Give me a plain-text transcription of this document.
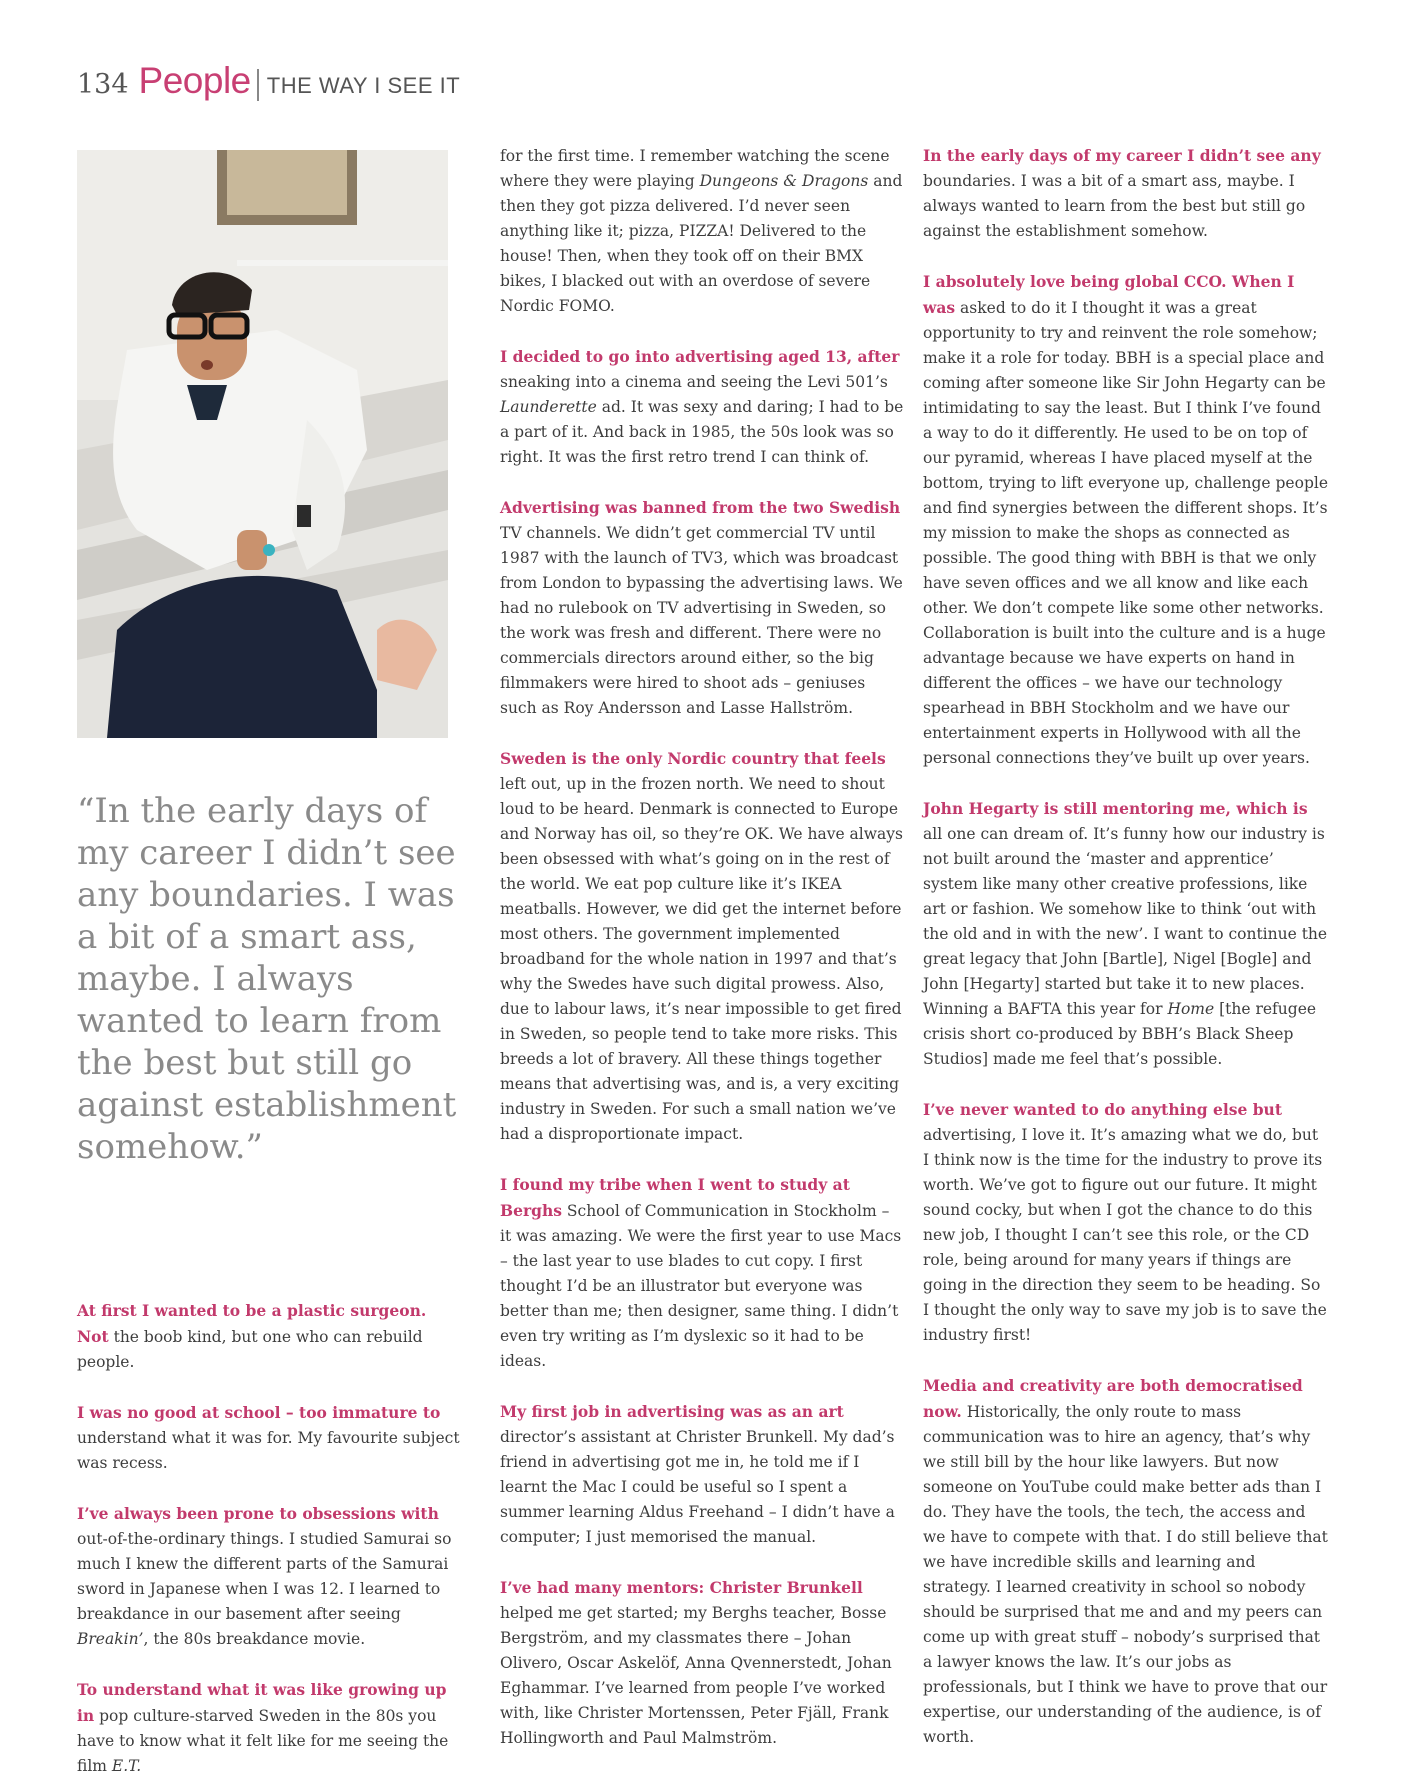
134 People THE WAY I SEE IT
“In the early days of my career I didn’t see any boundaries. I was a bit of a smart ass, maybe. I always wanted to learn from the best but still go against establishment somehow.”

At first I wanted to be a plastic surgeon. Not the boob kind, but one who can rebuild people.

I was no good at school – too immature to understand what it was for. My favourite subject was recess.

I’ve always been prone to obsessions with out-of-the-ordinary things. I studied Samurai so much I knew the different parts of the Samurai sword in Japanese when I was 12. I learned to breakdance in our basement after seeing Breakin’, the 80s breakdance movie.

To understand what it was like growing up in pop culture-starved Sweden in the 80s you have to know what it felt like for me seeing the film E.T.

for the first time. I remember watching the scene where they were playing Dungeons & Dragons and then they got pizza delivered. I’d never seen anything like it; pizza, PIZZA! Delivered to the house! Then, when they took off on their BMX bikes, I blacked out with an overdose of severe Nordic FOMO.

I decided to go into advertising aged 13, after sneaking into a cinema and seeing the Levi 501’s Launderette ad. It was sexy and daring; I had to be a part of it. And back in 1985, the 50s look was so right. It was the first retro trend I can think of.

Advertising was banned from the two Swedish TV channels. We didn’t get commercial TV until 1987 with the launch of TV3, which was broadcast from London to bypassing the advertising laws. We had no rulebook on TV advertising in Sweden, so the work was fresh and different. There were no commercials directors around either, so the big filmmakers were hired to shoot ads – geniuses such as Roy Andersson and Lasse Hallström.

Sweden is the only Nordic country that feels left out, up in the frozen north. We need to shout loud to be heard. Denmark is connected to Europe and Norway has oil, so they’re OK. We have always been obsessed with what’s going on in the rest of the world. We eat pop culture like it’s IKEA meatballs. However, we did get the internet before most others. The government implemented broadband for the whole nation in 1997 and that’s why the Swedes have such digital prowess. Also, due to labour laws, it’s near impossible to get fired in Sweden, so people tend to take more risks. This breeds a lot of bravery. All these things together means that advertising was, and is, a very exciting industry in Sweden. For such a small nation we’ve had a disproportionate impact.

I found my tribe when I went to study at Berghs School of Communication in Stockholm – it was amazing. We were the first year to use Macs – the last year to use blades to cut copy. I first thought I’d be an illustrator but everyone was better than me; then designer, same thing. I didn’t even try writing as I’m dyslexic so it had to be ideas.

My first job in advertising was as an art director’s assistant at Christer Brunkell. My dad’s friend in advertising got me in, he told me if I learnt the Mac I could be useful so I spent a summer learning Aldus Freehand – I didn’t have a computer; I just memorised the manual.

I’ve had many mentors: Christer Brunkell helped me get started; my Berghs teacher, Bosse Bergström, and my classmates there – Johan Olivero, Oscar Askelöf, Anna Qvennerstedt, Johan Eghammar. I’ve learned from people I’ve worked with, like Christer Mortenssen, Peter Fjäll, Frank Hollingworth and Paul Malmström.

In the early days of my career I didn’t see any boundaries. I was a bit of a smart ass, maybe. I always wanted to learn from the best but still go against the establishment somehow.

I absolutely love being global CCO. When I was asked to do it I thought it was a great opportunity to try and reinvent the role somehow; make it a role for today. BBH is a special place and coming after someone like Sir John Hegarty can be intimidating to say the least. But I think I’ve found a way to do it differently. He used to be on top of our pyramid, whereas I have placed myself at the bottom, trying to lift everyone up, challenge people and find synergies between the different shops. It’s my mission to make the shops as connected as possible. The good thing with BBH is that we only have seven offices and we all know and like each other. We don’t compete like some other networks. Collaboration is built into the culture and is a huge advantage because we have experts on hand in different the offices – we have our technology spearhead in BBH Stockholm and we have our entertainment experts in Hollywood with all the personal connections they’ve built up over years.

John Hegarty is still mentoring me, which is all one can dream of. It’s funny how our industry is not built around the ‘master and apprentice’ system like many other creative professions, like art or fashion. We somehow like to think ‘out with the old and in with the new’. I want to continue the great legacy that John [Bartle], Nigel [Bogle] and John [Hegarty] started but take it to new places. Winning a BAFTA this year for Home [the refugee crisis short co-produced by BBH’s Black Sheep Studios] made me feel that’s possible.

I’ve never wanted to do anything else but advertising, I love it. It’s amazing what we do, but I think now is the time for the industry to prove its worth. We’ve got to figure out our future. It might sound cocky, but when I got the chance to do this new job, I thought I can’t see this role, or the CD role, being around for many years if things are going in the direction they seem to be heading. So I thought the only way to save my job is to save the industry first!

Media and creativity are both democratised now. Historically, the only route to mass communication was to hire an agency, that’s why we still bill by the hour like lawyers. But now someone on YouTube could make better ads than I do. They have the tools, the tech, the access and we have to compete with that. I do still believe that we have incredible skills and learning and strategy. I learned creativity in school so nobody should be surprised that me and and my peers can come up with great stuff – nobody’s surprised that a lawyer knows the law. It’s our jobs as professionals, but I think we have to prove that our expertise, our understanding of the audience, is of worth.
